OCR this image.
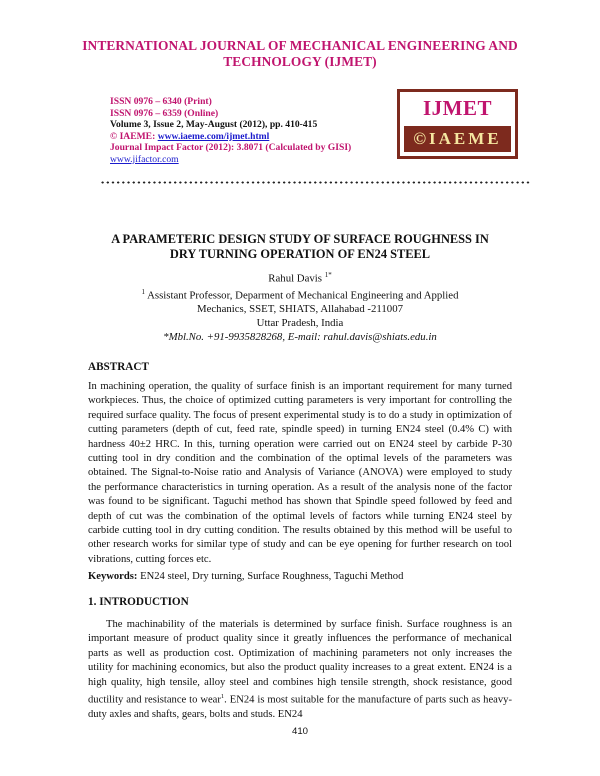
INTERNATIONAL JOURNAL OF MECHANICAL ENGINEERING AND
TECHNOLOGY (IJMET)
ISSN 0976 – 6340 (Print)
ISSN 0976 – 6359 (Online)
Volume 3, Issue 2, May-August (2012), pp. 410-415
© IAEME: www.iaeme.com/ijmet.html
Journal Impact Factor (2012): 3.8071 (Calculated by GISI)
www.jifactor.com
IJMET
©IAEME
A PARAMETERIC DESIGN STUDY OF SURFACE ROUGHNESS IN
DRY TURNING OPERATION OF EN24 STEEL
Rahul Davis $^{1*}$
$^1$ Assistant Professor, Deparment of Mechanical Engineering and Applied
Mechanics, SSET, SHIATS, Allahabad -211007
Uttar Pradesh, India
*Mbl.No. +91-9935828268, E-mail: rahul.davis@shiats.edu.in
ABSTRACT
In machining operation, the quality of surface finish is an important requirement for many turned workpieces. Thus, the choice of optimized cutting parameters is very important for controlling the required surface quality. The focus of present experimental study is to do a study in optimization of cutting parameters (depth of cut, feed rate, spindle speed) in turning EN24 steel (0.4% C) with hardness 40±2 HRC. In this, turning operation were carried out on EN24 steel by carbide P-30 cutting tool in dry condition and the combination of the optimal levels of the parameters was obtained. The Signal-to-Noise ratio and Analysis of Variance (ANOVA) were employed to study the performance characteristics in turning operation. As a result of the analysis none of the factor was found to be significant. Taguchi method has shown that Spindle speed followed by feed and depth of cut was the combination of the optimal levels of factors while turning EN24 steel by carbide cutting tool in dry cutting condition. The results obtained by this method will be useful to other research works for similar type of study and can be eye opening for further research on tool vibrations, cutting forces etc.
Keywords: EN24 steel, Dry turning, Surface Roughness, Taguchi Method
1. INTRODUCTION
The machinability of the materials is determined by surface finish. Surface roughness is an important measure of product quality since it greatly influences the performance of mechanical parts as well as production cost. Optimization of machining parameters not only increases the utility for machining economics, but also the product quality increases to a great extent. EN24 is a high quality, high tensile, alloy steel and combines high tensile strength, shock resistance, good ductility and resistance to wear$^1$. EN24 is most suitable for the manufacture of parts such as heavy-duty axles and shafts, gears, bolts and studs. EN24
410
